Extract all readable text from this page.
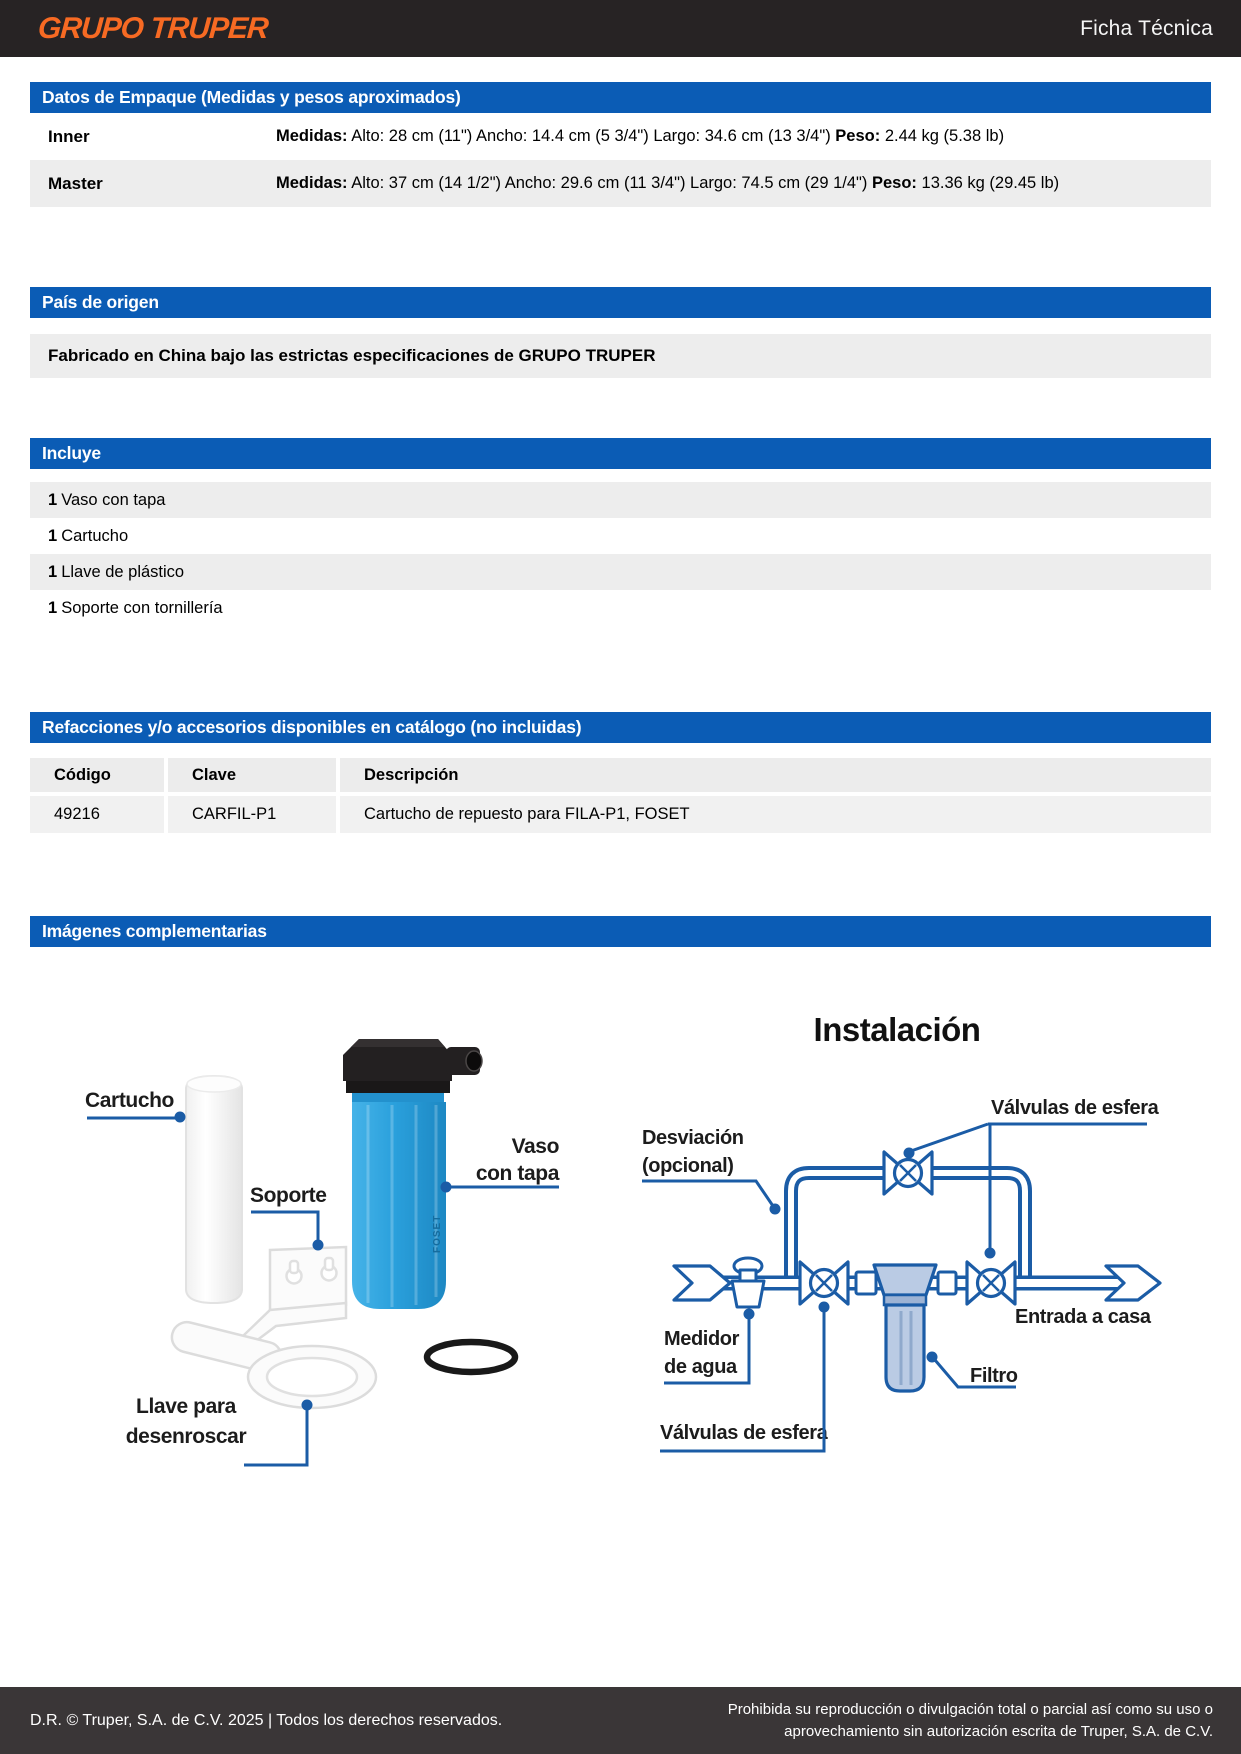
GRUPO TRUPER	Ficha Técnica
Datos de Empaque (Medidas y pesos aproximados)
Inner	Medidas: Alto: 28 cm (11") Ancho: 14.4 cm (5 3/4") Largo: 34.6 cm (13 3/4") Peso: 2.44 kg (5.38 lb)
Master	Medidas: Alto: 37 cm (14 1/2") Ancho: 29.6 cm (11 3/4") Largo: 74.5 cm (29 1/4") Peso: 13.36 kg (29.45 lb)
País de origen
Fabricado en China bajo las estrictas especificaciones de GRUPO TRUPER
Incluye
1 Vaso con tapa
1 Cartucho
1 Llave de plástico
1 Soporte con tornillería
Refacciones y/o accesorios disponibles en catálogo (no incluidas)
Código	Clave	Descripción
49216	CARFIL-P1	Cartucho de repuesto para FILA-P1, FOSET
Imágenes complementarias
FOSET
Cartucho
Soporte
Vaso
con tapa
Llave para
desenroscar
Instalación
Válvulas de esfera
Desviación
(opcional)
Medidor
de agua
Válvulas de esfera
Filtro
Entrada a casa
D.R. © Truper, S.A. de C.V. 2025 | Todos los derechos reservados.
Prohibida su reproducción o divulgación total o parcial así como su uso o
aprovechamiento sin autorización escrita de Truper, S.A. de C.V.
